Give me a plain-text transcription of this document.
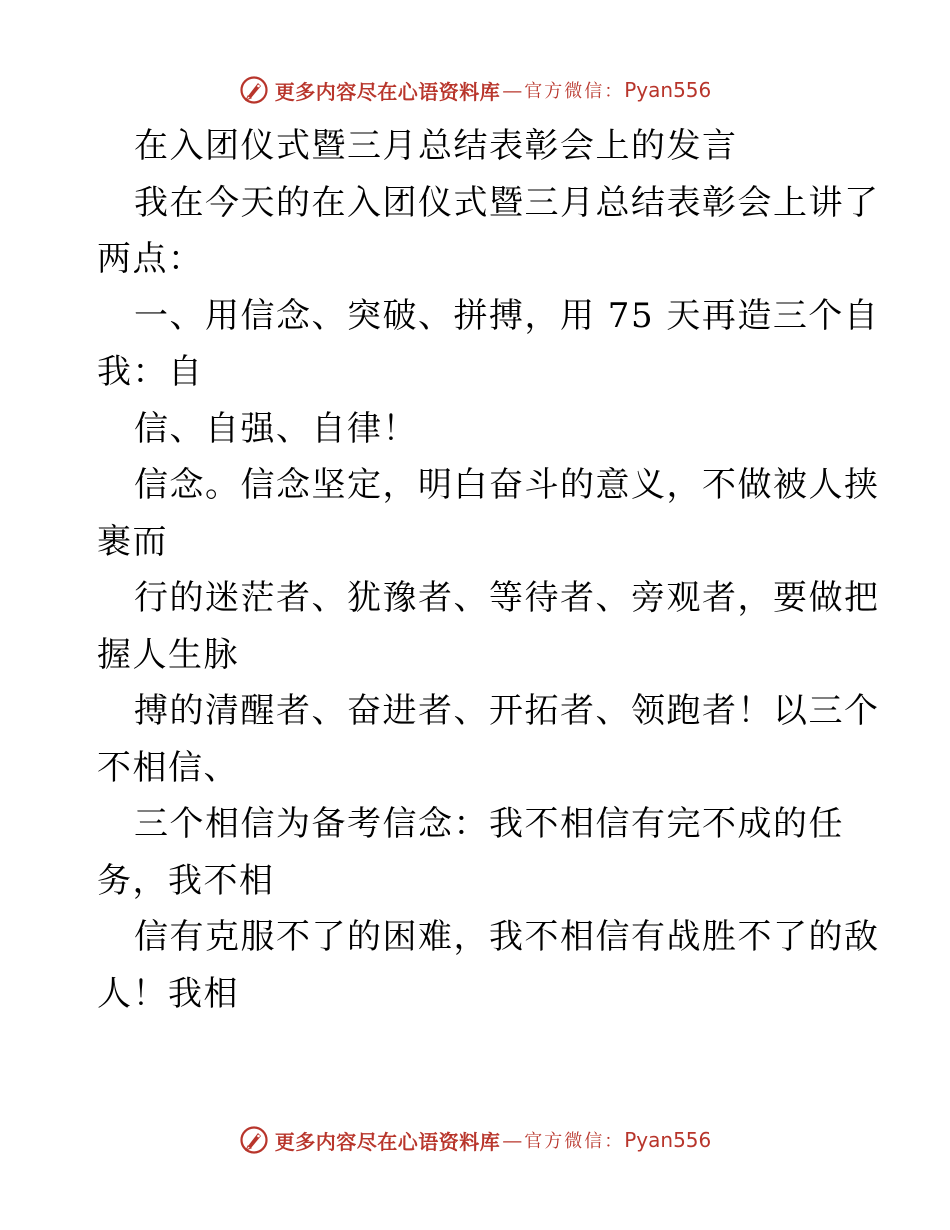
更多内容尽在心语资料库 — 官方微信： Pyan556
在入团仪式暨三月总结表彰会上的发言
我在今天的在入团仪式暨三月总结表彰会上讲了
两点：
一、用信念、突破、拼搏，用 75 天再造三个自
我：自
信、自强、自律！
信念。信念坚定，明白奋斗的意义，不做被人挟
裹而
行的迷茫者、犹豫者、等待者、旁观者，要做把
握人生脉
搏的清醒者、奋进者、开拓者、领跑者！以三个
不相信、
三个相信为备考信念：我不相信有完不成的任
务，我不相
信有克服不了的困难，我不相信有战胜不了的敌
人！我相
更多内容尽在心语资料库 — 官方微信： Pyan556
